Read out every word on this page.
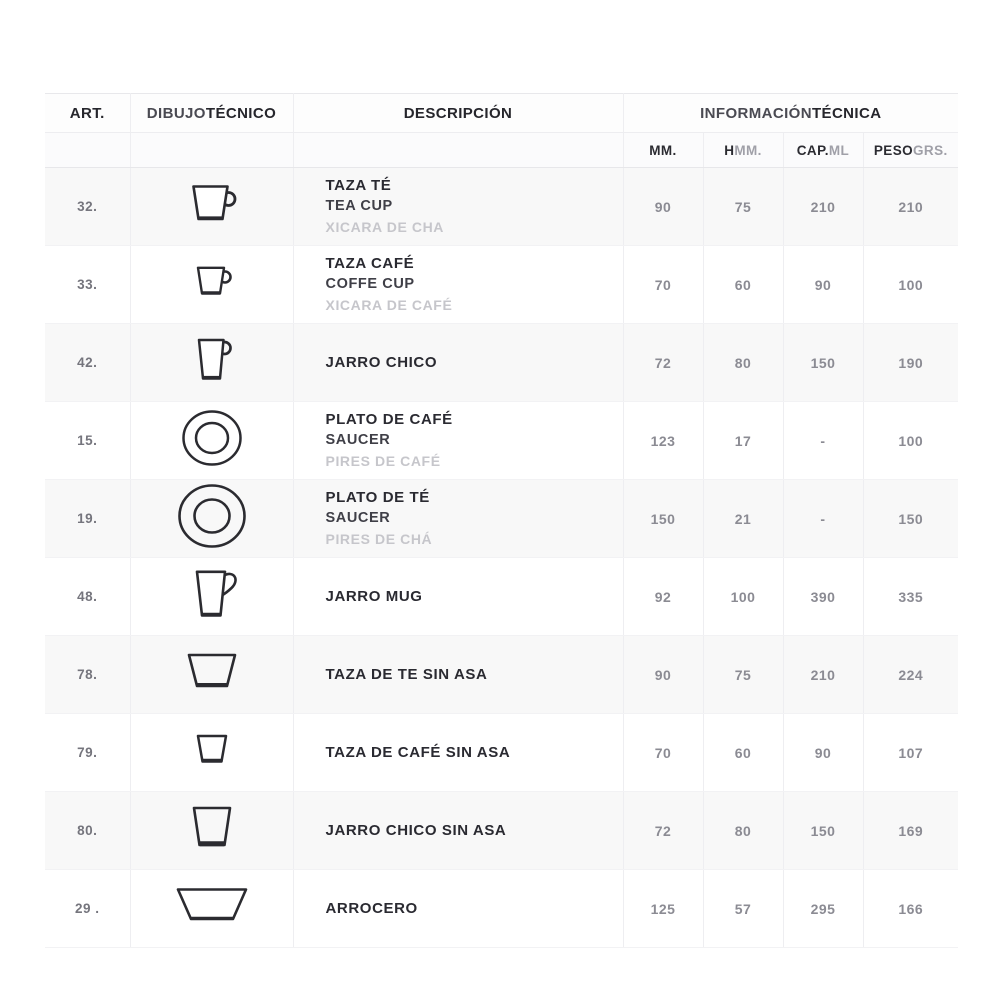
ART.	DIBUJOTÉCNICO	DESCRIPCIÓN	INFORMACIÓNTÉCNICA			
			MM.	HMM.	CAP.ML	PESOGRS.
32.		TAZA TÉ
TEA CUP
XICARA DE CHA	90	75	210	210
33.		TAZA CAFÉ
COFFE CUP
XICARA DE CAFÉ	70	60	90	100
42.		JARRO CHICO	72	80	150	190
15.		PLATO DE CAFÉ
SAUCER
PIRES DE CAFÉ	123	17	-	100
19.		PLATO DE TÉ
SAUCER
PIRES DE CHÁ	150	21	-	150
48.		JARRO MUG	92	100	390	335
78.		TAZA DE TE SIN ASA	90	75	210	224
79.		TAZA DE CAFÉ SIN ASA	70	60	90	107
80.		JARRO CHICO SIN ASA	72	80	150	169
29 .		ARROCERO	125	57	295	166
